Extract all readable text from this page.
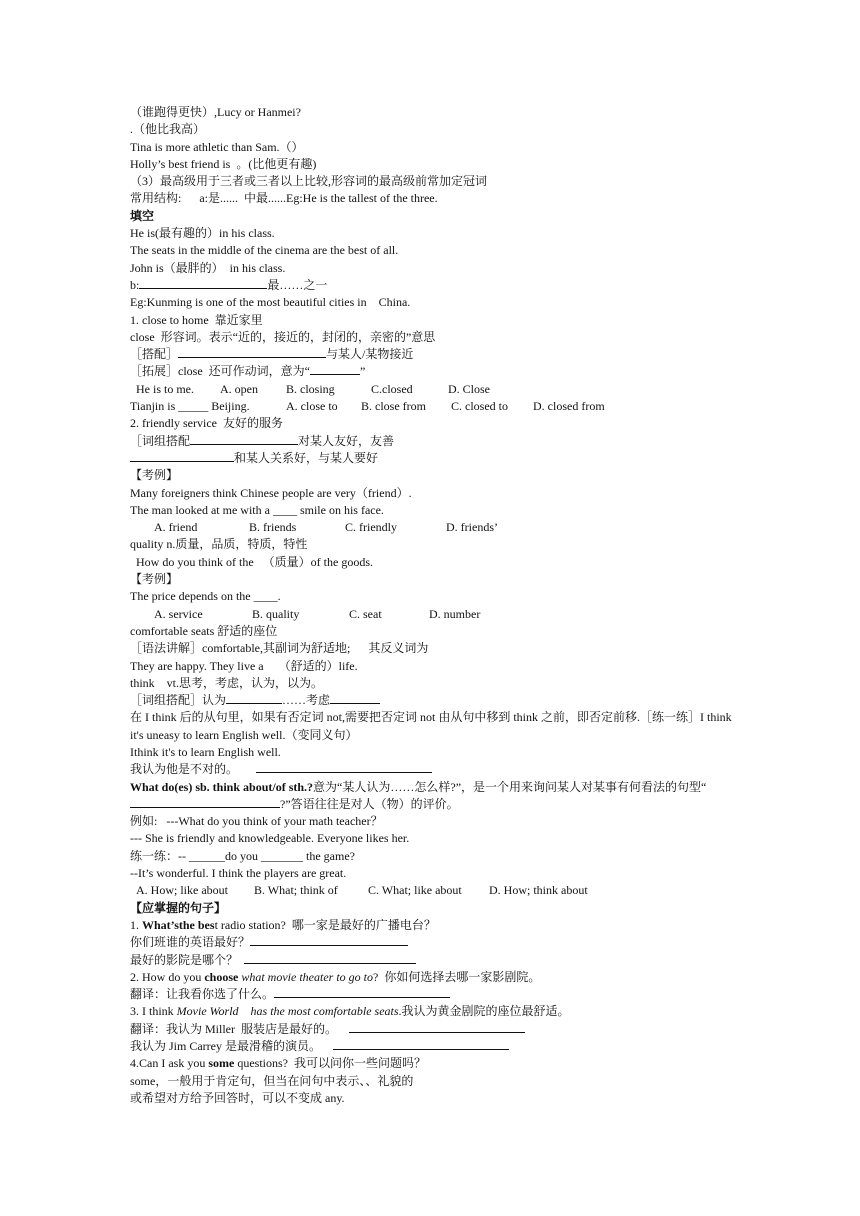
（谁跑得更快）,Lucy or Hanmei?
.（他比我高）
Tina is more athletic than Sam.（）
Holly’s best friend is  。(比他更有趣)
（3）最高级用于三者或三者以上比较,形容词的最高级前常加定冠词
常用结构: a:是......  中最......Eg:He is the tallest of the three.
填空
He is(最有趣的）in his class.
The seats in the middle of the cinema are the best of all.
John is（最胖的）  in his class.
b:	最……之一
Eg:Kunming is one of the most beautiful cities in    China.
1. close to home  靠近家里
close  形容词。表示“近的，接近的，封闭的，亲密的”意思
［搭配］	与某人/某物接近
［拓展］close  还可作动词，意为“	”
He is to me. A. open B. closing	C.closed	D. Close
Tianjin is _____ Beijing.	A. close to B. close from C. closed to D. closed from
2. friendly service  友好的服务
［词组搭配	对某人友好，友善
和某人关系好，与某人要好
【考例】
Many foreigners think Chinese people are very（friend）.
The man looked at me with a ____ smile on his face.
A. friend	B. friends	C. friendly	D. friends’
quality n.质量，品质，特质，特性
How do you think of the   （质量）of the goods.
【考例】
The price depends on the ____.
A. service	B. quality	C. seat	D. number
comfortable seats 舒适的座位
［语法讲解］comfortable,其副词为舒适地; 其反义词为
They are happy. They live a     （舒适的）life.
think    vt.思考，考虑，认为，以为。
［词组搭配］认为	……考虑
在 I think 后的从句里，如果有否定词 not,需要把否定词 not 由从句中移到 think 之前，即否定前移.［练一练］I think it's uneasy to learn English well.（变同义句）
Ithink it's to learn English well.
我认为他是不对的。
What do(es) sb. think about/of sth.?意为“某人认为……怎么样?”，是一个用来询问某人对某事有何看法的句型“?”答语往往是对人（物）的评价。
例如:   ---What do you think of your math teacher？
--- She is friendly and knowledgeable. Everyone likes her.
练一练：-- ______do you _______ the game?
--It’s wonderful. I think the players are great.
A. How; like about B. What; think of	C. What; like about D. How; think about
【应掌握的句子】
1. What’sthe best radio station?  哪一家是最好的广播电台？
你们班谁的英语最好？
最好的影院是哪个？
2. How do you choose what movie theater to go to?  你如何选择去哪一家影剧院。
翻译：让我看你选了什么。
3. I think Movie World    has the most comfortable seats.我认为黄金剧院的座位最舒适。
翻译：我认为 Miller  服装店是最好的。
我认为 Jim Carrey 是最滑稽的演员。
4.Can I ask you some questions?  我可以问你一些问题吗？
some，一般用于肯定句，但当在问句中表示、、礼貌的
或希望对方给予回答时，可以不变成 any.
